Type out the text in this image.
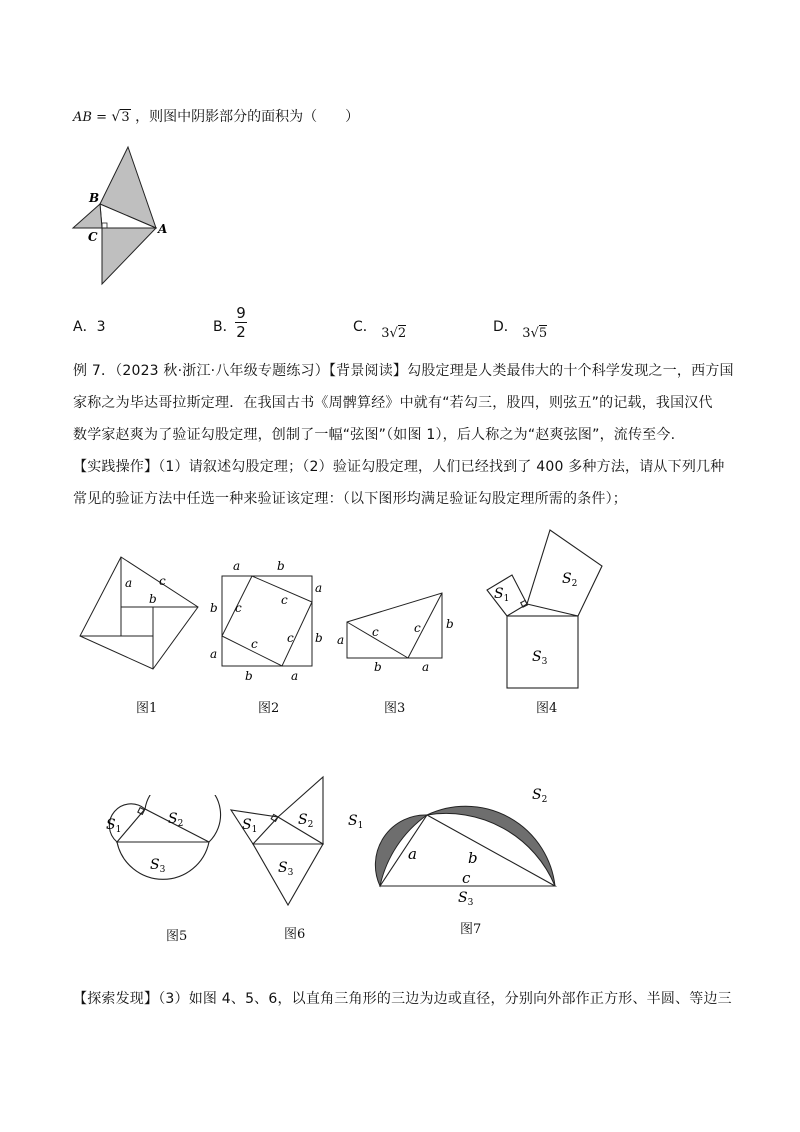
AB = √3 ，则图中阴影部分的面积为（　　）
B
C
A
A．3	B．
9
2	C． 3√2	D． 3√5
例 7．（2023 秋·浙江·八年级专题练习）【背景阅读】勾股定理是人类最伟大的十个科学发现之一，西方国
家称之为毕达哥拉斯定理．在我国古书《周髀算经》中就有“若勾三，股四，则弦五”的记载，我国汉代
数学家赵爽为了验证勾股定理，创制了一幅“弦图”（如图 1），后人称之为“赵爽弦图”，流传至今.
【实践操作】（1）请叙述勾股定理；（2）验证勾股定理，人们已经找到了 400 多种方法，请从下列几种
常见的验证方法中任选一种来验证该定理：（以下图形均满足验证勾股定理所需的条件）；
a c
b
图1
a	b
b
a
a
b
b	a
c
c
c
c
图2
a
c	c b
b	a
图3
$S_1$
$S_2$
$S_3$
图4
$S_1$
$S_2$
$S_3$
图5
$S_1$
$S_2$
$S_3$
图6
$S_1$
$S_2$
$S_3$
a	b
c
图7
【探索发现】（3）如图 4、5、6，以直角三角形的三边为边或直径，分别向外部作正方形、半圆、等边三
